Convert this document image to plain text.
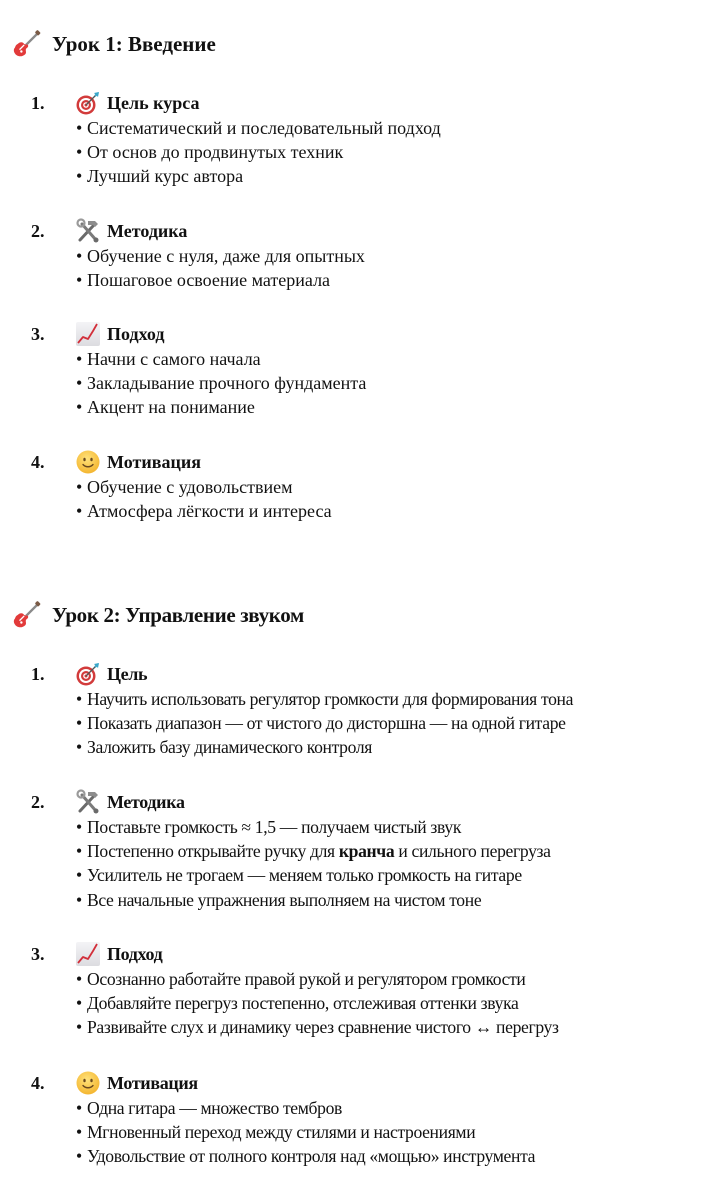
Урок 1: Введение
1.	Цель курса
• Систематический и последовательный подход
• От основ до продвинутых техник
• Лучший курс автора
2.	Методика
• Обучение с нуля, даже для опытных
• Пошаговое освоение материала
3.	Подход
• Начни с самого начала
• Закладывание прочного фундамента
• Акцент на понимание
4.	Мотивация
• Обучение с удовольствием
• Атмосфера лёгкости и интереса
Урок 2: Управление звуком
1.	Цель
• Научить использовать регулятор громкости для формирования тона
• Показать диапазон — от чистого до дисторшна — на одной гитаре
• Заложить базу динамического контроля
2.	Методика
• Поставьте громкость ≈ 1,5 — получаем чистый звук
• Постепенно открывайте ручку для кранча и сильного перегруза
• Усилитель не трогаем — меняем только громкость на гитаре
• Все начальные упражнения выполняем на чистом тоне
3.	Подход
• Осознанно работайте правой рукой и регулятором громкости
• Добавляйте перегруз постепенно, отслеживая оттенки звука
• Развивайте слух и динамику через сравнение чистого ↔ перегруз
4.	Мотивация
• Одна гитара — множество тембров
• Мгновенный переход между стилями и настроениями
• Удовольствие от полного контроля над «мощью» инструмента
